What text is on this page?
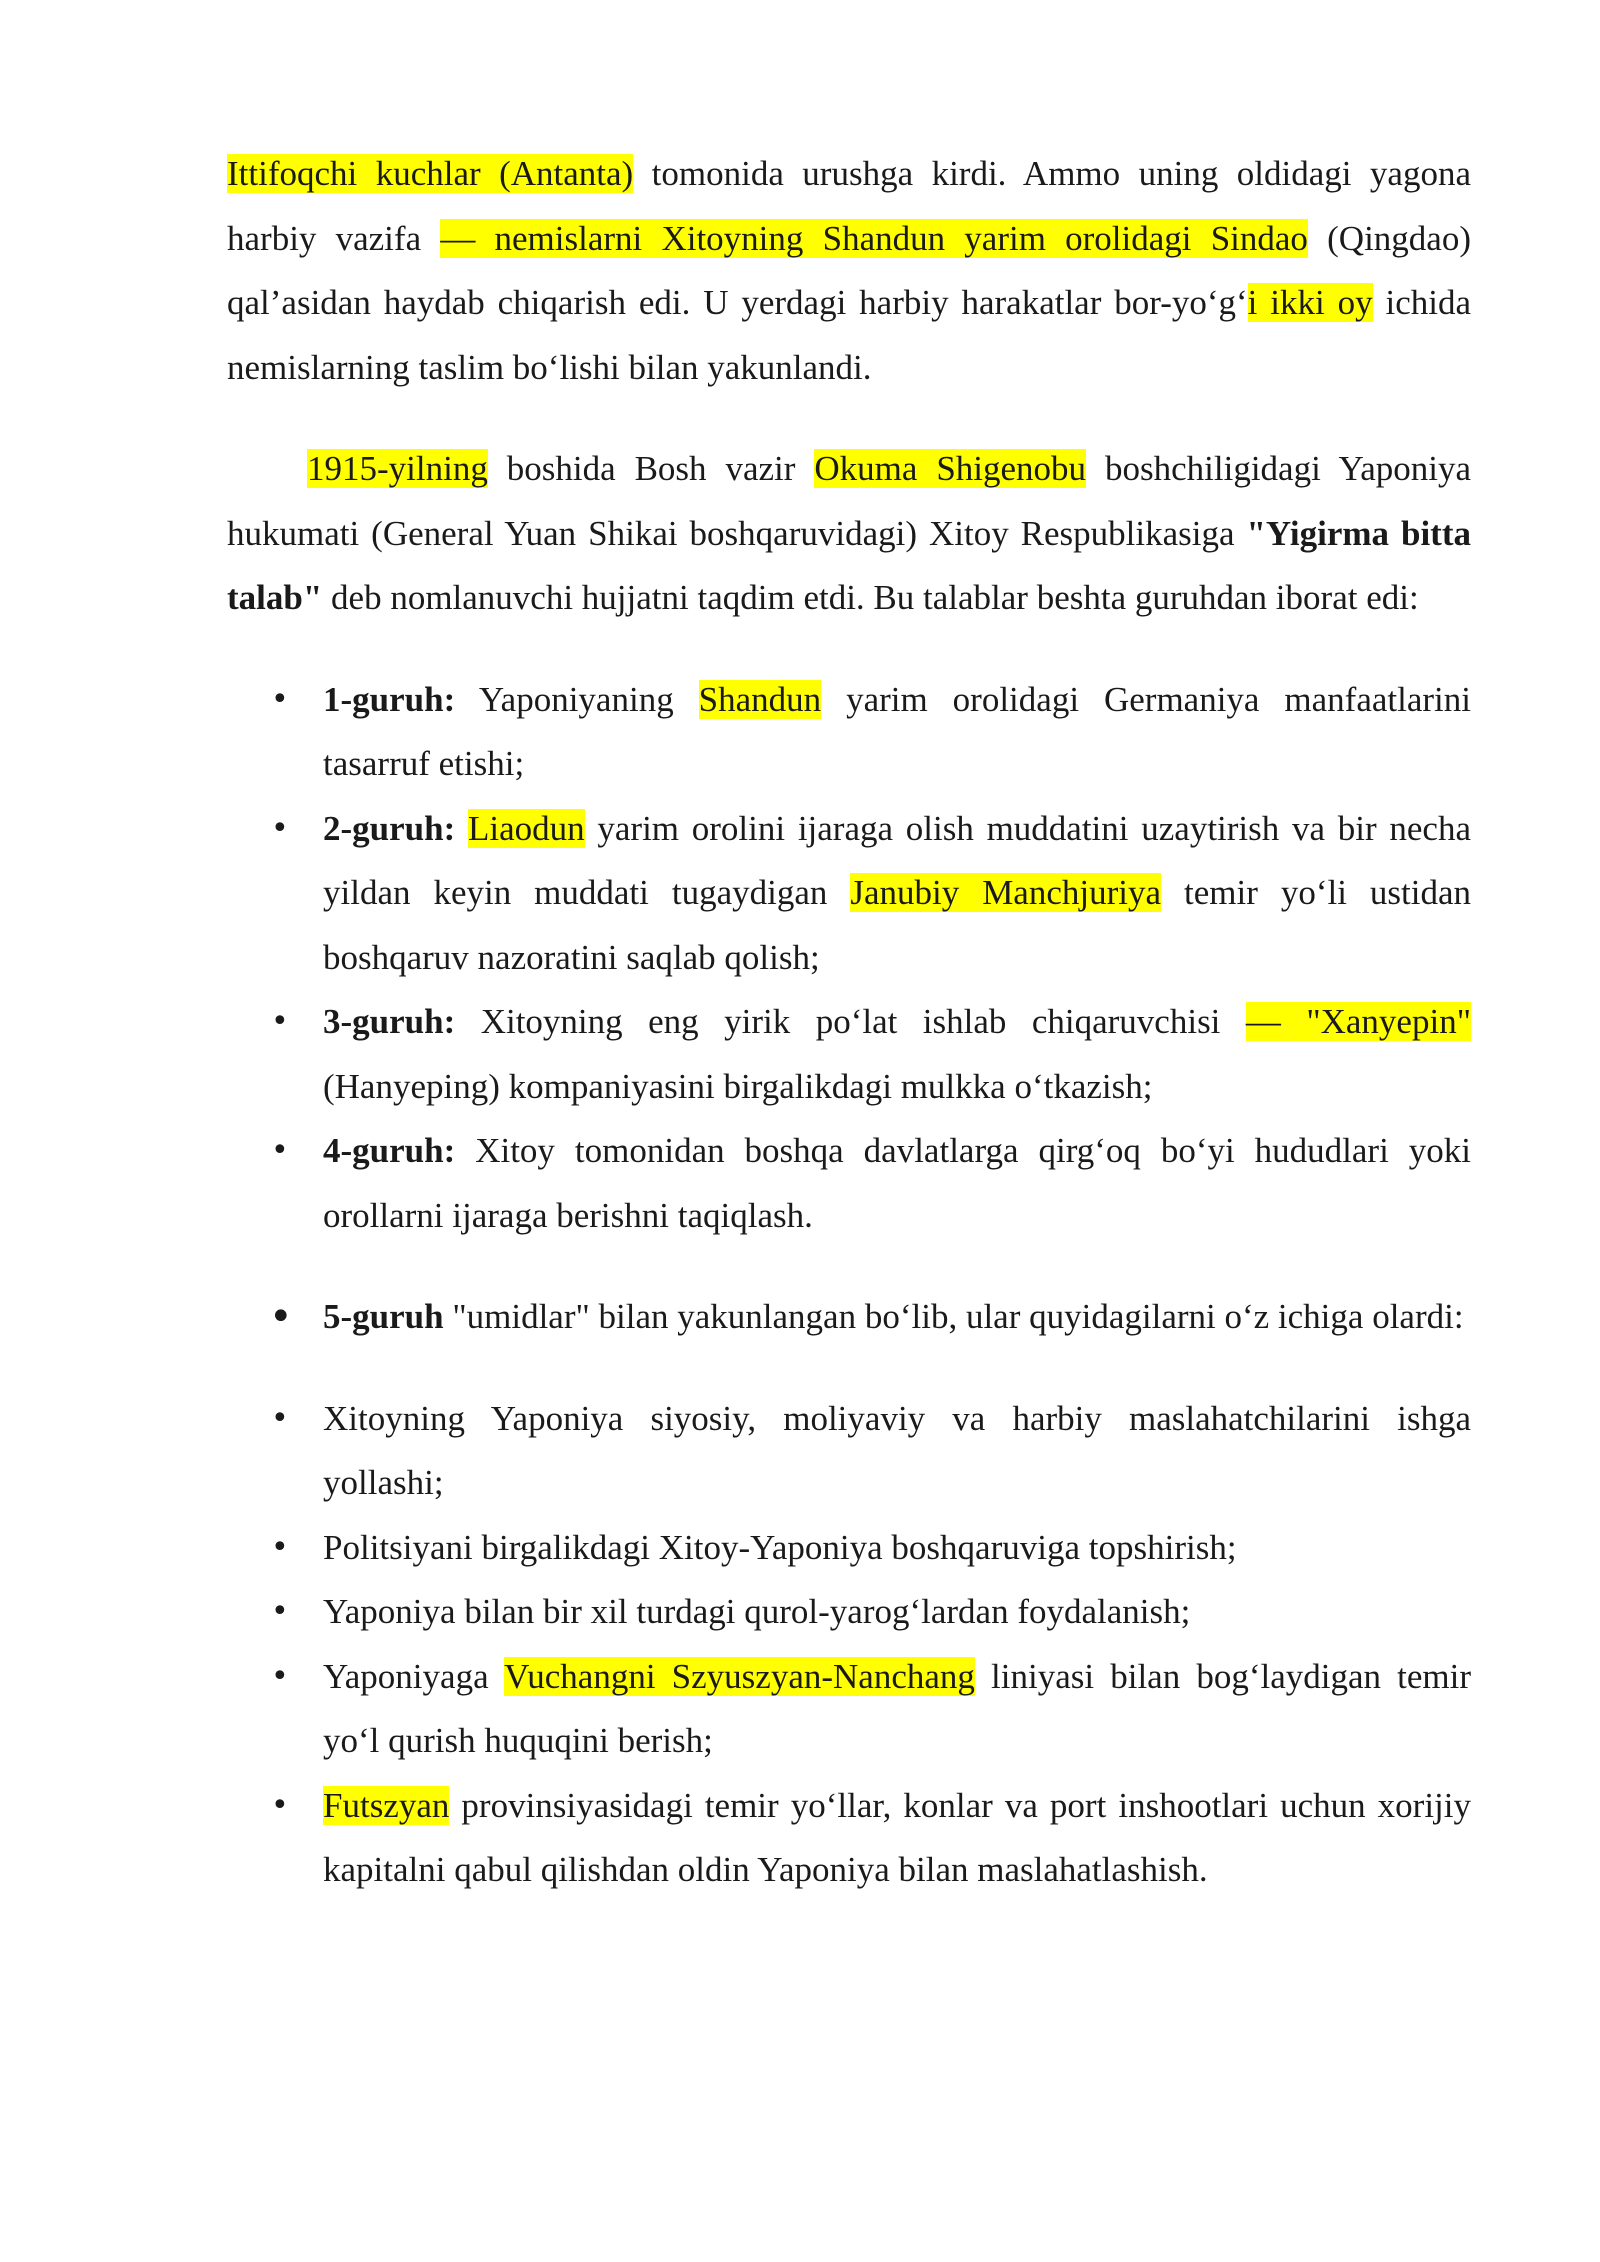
Ittifoqchi kuchlar (Antanta) tomonida urushga kirdi. Ammo uning oldidagi yagona harbiy vazifa — nemislarni Xitoyning Shandun yarim orolidagi Sindao (Qingdao) qal’asidan haydab chiqarish edi. U yerdagi harbiy harakatlar bor-yo‘g‘i ikki oy ichida nemislarning taslim bo‘lishi bilan yakunlandi.

1915-yilning boshida Bosh vazir Okuma Shigenobu boshchiligidagi Yaponiya hukumati (General Yuan Shikai boshqaruvidagi) Xitoy Respublikasiga "Yigirma bitta talab" deb nomlanuvchi hujjatni taqdim etdi. Bu talablar beshta guruhdan iborat edi:

• 1-guruh: Yaponiyaning Shandun yarim orolidagi Germaniya manfaatlarini tasarruf etishi;
• 2-guruh: Liaodun yarim orolini ijaraga olish muddatini uzaytirish va bir necha yildan keyin muddati tugaydigan Janubiy Manchjuriya temir yo‘li ustidan boshqaruv nazoratini saqlab qolish;
• 3-guruh: Xitoyning eng yirik po‘lat ishlab chiqaruvchisi — "Xanyepin" (Hanyeping) kompaniyasini birgalikdagi mulkka o‘tkazish;
• 4-guruh: Xitoy tomonidan boshqa davlatlarga qirg‘oq bo‘yi hududlari yoki orollarni ijaraga berishni taqiqlash.
• 5-guruh "umidlar" bilan yakunlangan bo‘lib, ular quyidagilarni o‘z ichiga olardi:
• Xitoyning Yaponiya siyosiy, moliyaviy va harbiy maslahatchilarini ishga yollashi;
• Politsiyani birgalikdagi Xitoy-Yaponiya boshqaruviga topshirish;
• Yaponiya bilan bir xil turdagi qurol-yarog‘lardan foydalanish;
• Yaponiyaga Vuchangni Szyuszyan-Nanchang liniyasi bilan bog‘laydigan temir yo‘l qurish huquqini berish;
• Futszyan provinsiyasidagi temir yo‘llar, konlar va port inshootlari uchun xorijiy kapitalni qabul qilishdan oldin Yaponiya bilan maslahatlashish.
